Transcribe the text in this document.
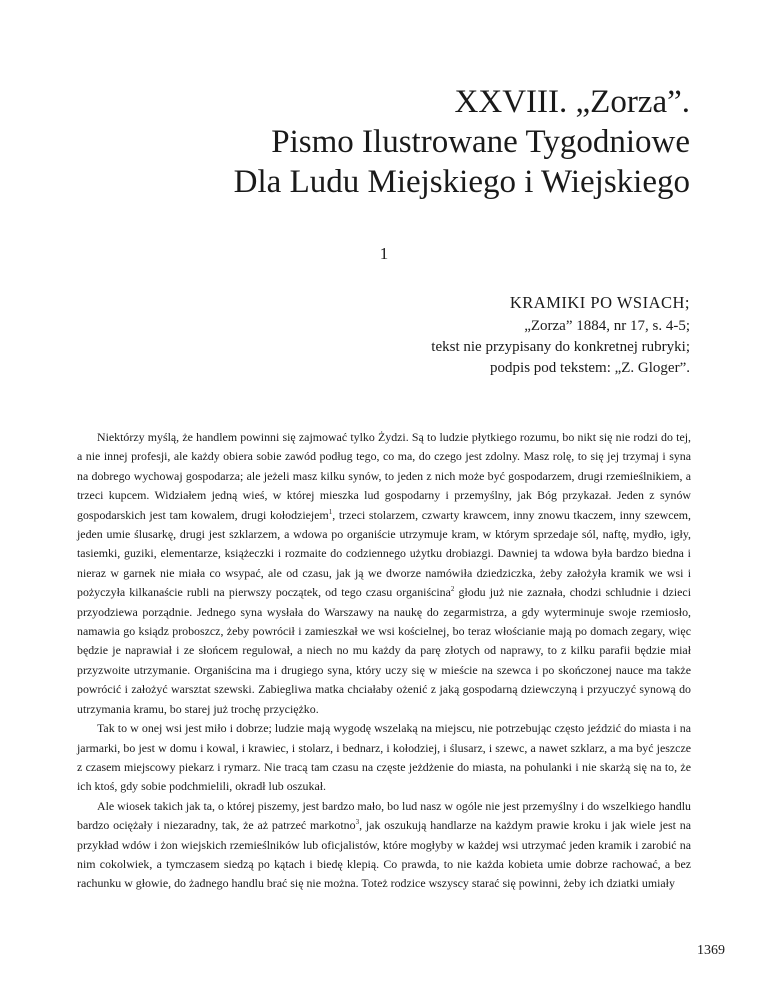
XXVIII. „Zorza”.
Pismo Ilustrowane Tygodniowe
Dla Ludu Miejskiego i Wiejskiego
1
KRAMIKI PO WSIACH;
„Zorza” 1884, nr 17, s. 4-5;
tekst nie przypisany do konkretnej rubryki;
podpis pod tekstem: „Z. Gloger”.

Niektórzy myślą, że handlem powinni się zajmować tylko Żydzi. Są to ludzie płytkiego rozumu, bo nikt się nie rodzi do tej, a nie innej profesji, ale każdy obiera sobie zawód podług tego, co ma, do czego jest zdolny. Masz rolę, to się jej trzymaj i syna na dobrego wychowaj gospodarza; ale jeżeli masz kilku synów, to jeden z nich może być gospodarzem, drugi rzemieślnikiem, a trzeci kupcem. Widziałem jedną wieś, w której mieszka lud gospodarny i przemyślny, jak Bóg przykazał. Jeden z synów gospodarskich jest tam kowalem, drugi kołodziejem$^1$, trzeci stolarzem, czwarty krawcem, inny znowu tkaczem, inny szewcem, jeden umie ślusarkę, drugi jest szklarzem, a wdowa po organiście utrzymuje kram, w którym sprzedaje sól, naftę, mydło, igły, tasiemki, guziki, elementarze, książeczki i rozmaite do codziennego użytku drobiazgi. Dawniej ta wdowa była bardzo biedna i nieraz w garnek nie miała co wsypać, ale od czasu, jak ją we dworze namówiła dziedziczka, żeby założyła kramik we wsi i pożyczyła kilkanaście rubli na pierwszy początek, od tego czasu organiścina$^2$ głodu już nie zaznała, chodzi schludnie i dzieci przyodziewa porządnie. Jednego syna wysłała do Warszawy na naukę do zegarmistrza, a gdy wyterminuje swoje rzemiosło, namawia go ksiądz proboszcz, żeby powrócił i zamieszkał we wsi kościelnej, bo teraz włościanie mają po domach zegary, więc będzie je naprawiał i ze słońcem regulował, a niech no mu każdy da parę złotych od naprawy, to z kilku parafii będzie miał przyzwoite utrzymanie. Organiścina ma i drugiego syna, który uczy się w mieście na szewca i po skończonej nauce ma także powrócić i założyć warsztat szewski. Zabiegliwa matka chciałaby ożenić z jaką gospodarną dziewczyną i przyuczyć synową do utrzymania kramu, bo starej już trochę przyciężko.

Tak to w onej wsi jest miło i dobrze; ludzie mają wygodę wszelaką na miejscu, nie potrzebując często jeździć do miasta i na jarmarki, bo jest w domu i kowal, i krawiec, i stolarz, i bednarz, i kołodziej, i ślusarz, i szewc, a nawet szklarz, a ma być jeszcze z czasem miejscowy piekarz i rymarz. Nie tracą tam czasu na częste jeżdżenie do miasta, na pohulanki i nie skarżą się na to, że ich ktoś, gdy sobie podchmielili, okradł lub oszukał.

Ale wiosek takich jak ta, o której piszemy, jest bardzo mało, bo lud nasz w ogóle nie jest przemyślny i do wszelkiego handlu bardzo ociężały i niezaradny, tak, że aż patrzeć markotno$^3$, jak oszukują handlarze na każdym prawie kroku i jak wiele jest na przykład wdów i żon wiejskich rzemieślników lub oficjalistów, które mogłyby w każdej wsi utrzymać jeden kramik i zarobić na nim cokolwiek, a tymczasem siedzą po kątach i biedę klepią. Co prawda, to nie każda kobieta umie dobrze rachować, a bez rachunku w głowie, do żadnego handlu brać się nie można. Toteż rodzice wszyscy starać się powinni, żeby ich dziatki umiały

1369
